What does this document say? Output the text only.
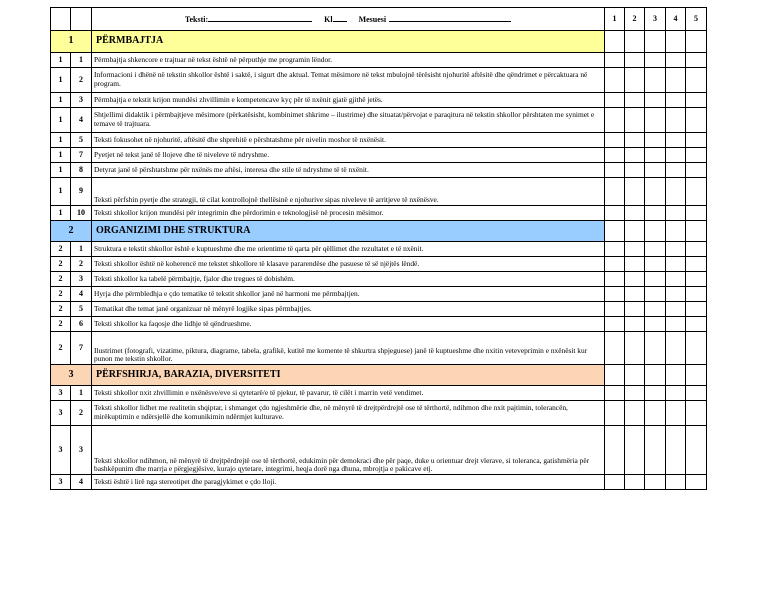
		Teksti: Kl Mesuesi	1	2	3	4	5
1		PËRMBAJTJA					
1	1	Përmbajtja shkencore e trajtuar në tekst është në përputhje me programin lëndor.					
1	2	Informacioni i dhënë në tekstin shkollor është i saktë, i sigurt dhe aktual. Temat mësimore në tekst mbulojnë tërësisht njohuritë aftësitë dhe qëndrimet e përcaktuara në program.					
1	3	Përmbajtja e tekstit krijon mundësi zhvillimin e kompetencave kyç për të nxënit gjatë gjithë jetës.					
1	4	Shtjellimi didaktik i përmbajtjeve mësimore (përkatësisht, kombinimet shkrime – ilustrime) dhe situatat/përvojat e paraqitura në tekstin shkollor përshtaten me synimet e temave të trajtuara.					
1	5	Teksti fokusohet në njohuritë, aftësitë dhe shprehitë e përshtatshme për nivelin moshor të nxënësit.					
1	7	Pyetjet në tekst janë të llojeve dhe të niveleve të ndryshme.					
1	8	Detyrat janë të përshtatshme për nxënës me aftësi, interesa dhe stile të ndryshme të të nxënit.					
1	9	Teksti përfshin pyetje dhe strategji, të cilat kontrollojnë thellësinë e njohurive sipas niveleve të arritjeve të nxënësve.					
1	10	Teksti shkollor krijon mundësi për integrimin dhe përdorimin e teknologjisë në procesin mësimor.					
2		ORGANIZIMI DHE STRUKTURA					
2	1	Struktura e tekstit shkollor është e kuptueshme dhe me orientime të qarta për qëllimet dhe rezultatet e të nxënit.					
2	2	Teksti shkollor është në koherencë me tekstet shkollore të klasave pararendëse dhe pasuese të së njëjtës lëndë.					
2	3	Teksti shkollor ka tabelë përmbajtje, fjalor dhe tregues të dobishëm.					
2	4	Hyrja dhe përmbledhja e çdo tematike të tekstit shkollor janë në harmoni me përmbajtjen.					
2	5	Tematikat dhe temat janë organizuar në mënyrë logjike sipas përmbajtjes.					
2	6	Teksti shkollor ka faqosje dhe lidhje të qëndrueshme.					
2	7	Ilustrimet (fotografi, vizatime, piktura, diagrame, tabela, grafikë, kutitë me komente të shkurtra shpjeguese) janë të kuptueshme dhe nxitin veteveprimin e nxënësit kur punon me tekstin shkollor.					
3		PËRFSHIRJA, BARAZIA, DIVERSITETI					
3	1	Teksti shkollor nxit zhvillimin e nxënësve/eve si qytetarë/e të pjekur, të pavarur, të cilët i marrin vetë vendimet.					
3	2	Teksti shkollor lidhet me realitetin shqiptar, i shmanget çdo ngjeshmërie dhe, në mënyrë të drejtpërdrejtë ose të tërthortë, ndihmon dhe nxit pajtimin, tolerancën, mirëkuptimin e ndërsjellë dhe komunikimin ndërmjet kulturave.					
3	3	Teksti shkollor ndihmon, në mënyrë të drejtpërdrejtë ose të tërthortë, edukimin për demokraci dhe për paqe, duke u orientuar drejt vlerave, si toleranca, gatishmëria për bashkëpunim dhe marrja e përgjegjësive, kurajo qytetare, integrimi, heqja dorë nga dhuna, mbrojtja e pakicave etj.					
3	4	Teksti është i lirë nga stereotipet dhe paragjykimet e çdo lloji.					
